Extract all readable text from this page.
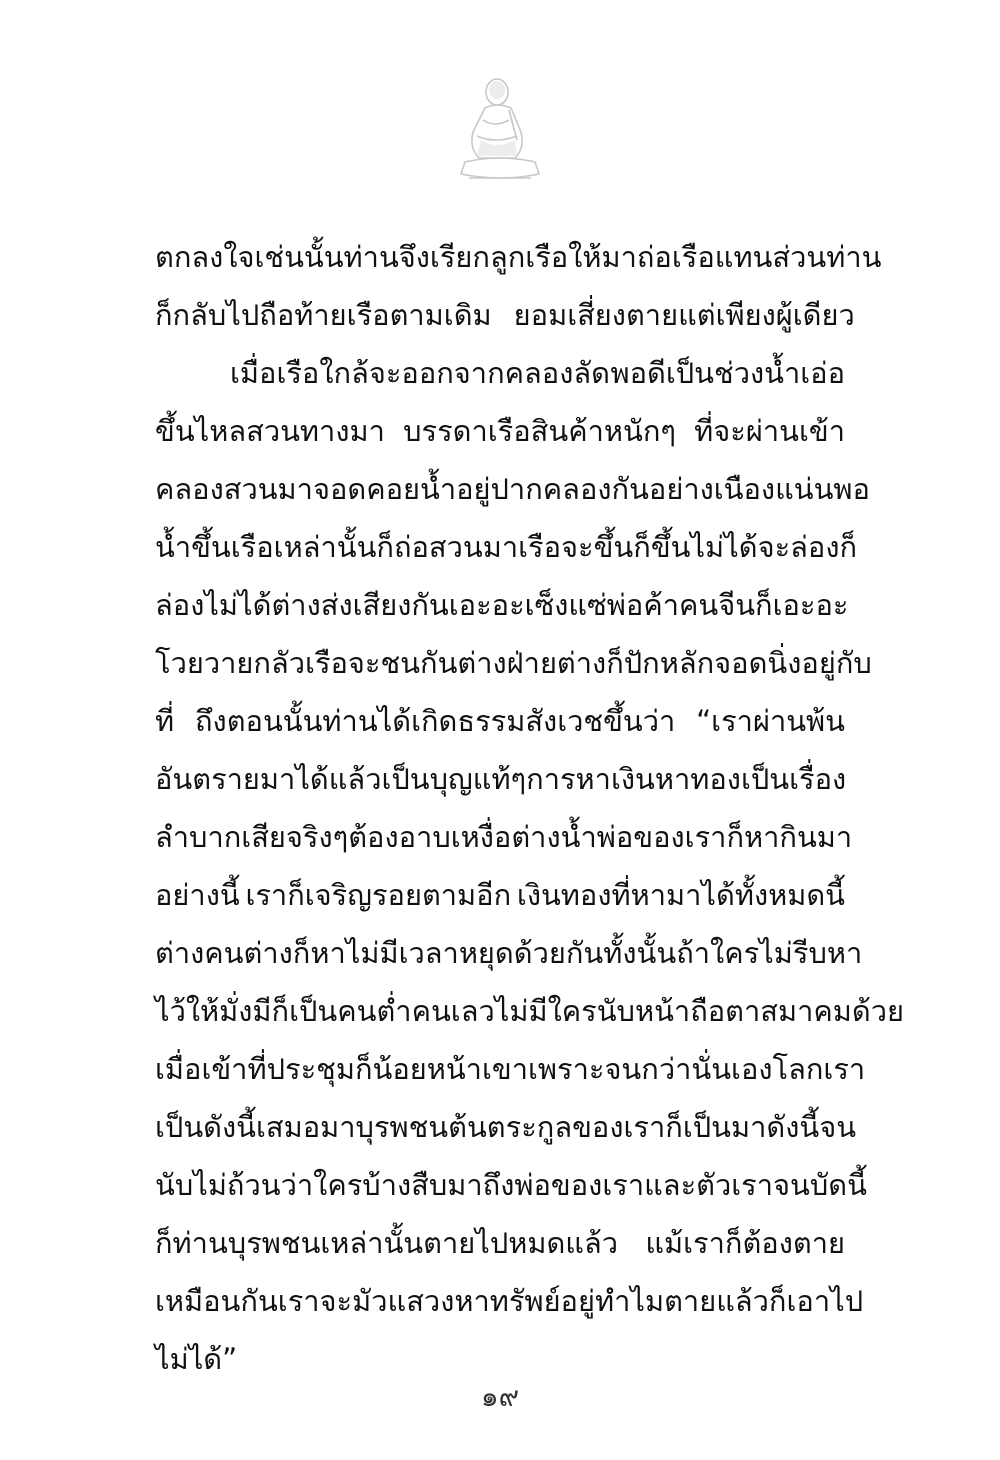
ตกลงใจเช่นนั้นท่านจึงเรียกลูกเรือให้มาถ่อเรือแทน ส่วนท่าน
ก็กลับไปถือท้ายเรือตามเดิม ยอมเสี่ยงตายแต่เพียงผู้เดียว
เมื่อเรือใกล้จะออกจากคลองลัด พอดีเป็นช่วงน้ำเอ่อ
ขึ้นไหลสวนทางมา บรรดาเรือสินค้าหนักๆ ที่จะผ่านเข้า
คลองสวนมาจอดคอยน้ำอยู่ปากคลองกันอย่างเนืองแน่น พอ
น้ำขึ้นเรือเหล่านั้นก็ถ่อสวนมาเรือจะขึ้นก็ขึ้นไม่ได้ จะล่องก็
ล่องไม่ได้ ต่างส่งเสียงกันเอะอะเซ็งแซ่ พ่อค้าคนจีนก็เอะอะ
โวยวายกลัวเรือจะชนกัน ต่างฝ่ายต่างก็ปักหลักจอดนิ่งอยู่กับ
ที่ ถึงตอนนั้นท่านได้เกิดธรรมสังเวชขึ้นว่า “เราผ่านพ้น
อันตรายมาได้แล้วเป็นบุญแท้ๆ การหาเงินหาทองเป็นเรื่อง
ลำบากเสียจริงๆ ต้องอาบเหงื่อต่างน้ำ พ่อของเราก็หากินมา
อย่างนี้ เราก็เจริญรอยตามอีก เงินทองที่หามาได้ทั้งหมดนี้
ต่างคนต่างก็หา ไม่มีเวลาหยุดด้วยกันทั้งนั้น ถ้าใครไม่รีบหา
ไว้ให้มั่งมีก็เป็นคนต่ำคนเลว ไม่มีใครนับหน้าถือตาสมาคมด้วย
เมื่อเข้าที่ประชุมก็น้อยหน้าเขาเพราะจนกว่านั่นเอง โลกเรา
เป็นดังนี้เสมอมา บุรพชนต้นตระกูลของเราก็เป็นมาดังนี้ จน
นับไม่ถ้วนว่าใครบ้าง สืบมาถึงพ่อของเราและตัวเราจนบัดนี้
ก็ท่านบุรพชนเหล่านั้นตายไปหมดแล้ว แม้เราก็ต้องตาย
เหมือนกัน เราจะมัวแสวงหาทรัพย์อยู่ทำไม ตายแล้วก็เอาไป
ไม่ได้”
๑๙
